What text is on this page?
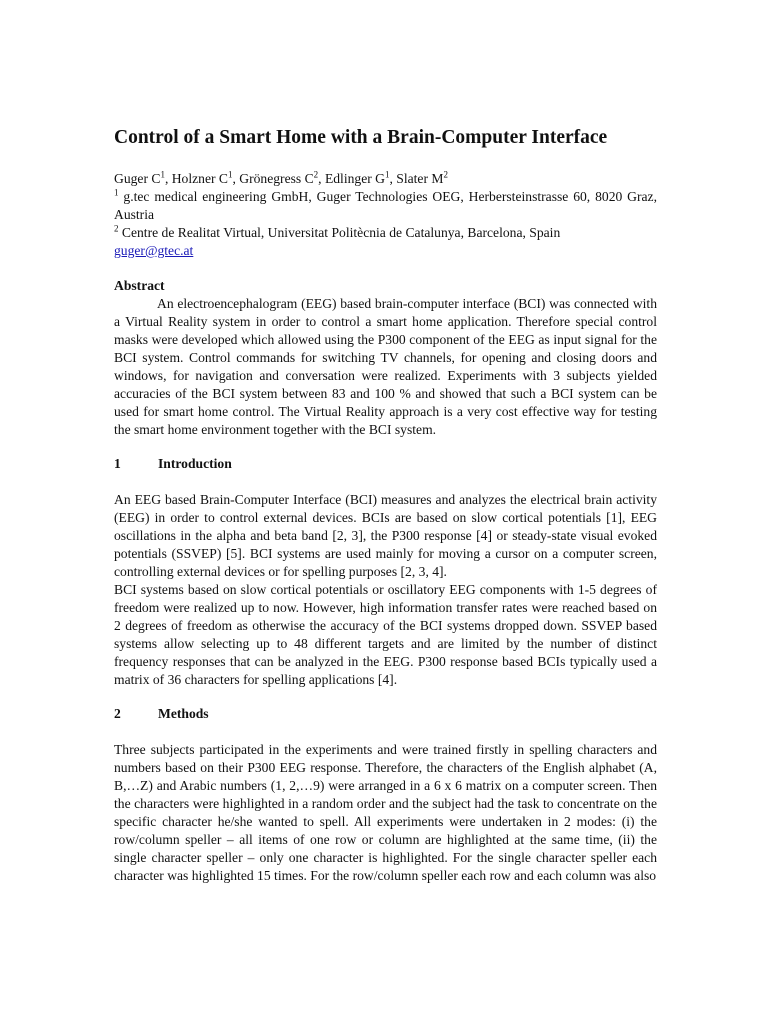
Control of a Smart Home with a Brain-Computer Interface
Guger $C^1$, Holzner $C^1$, Grönegress $C^2$, Edlinger $G^1$, Slater $M^2$
$^1$ g.tec medical engineering GmbH, Guger Technologies OEG, Herbersteinstrasse 60, 8020 Graz, Austria
$^2$ Centre de Realitat Virtual, Universitat Politècnia de Catalunya, Barcelona, Spain
guger@gtec.at
Abstract

An electroencephalogram (EEG) based brain-computer interface (BCI) was connected with a Virtual Reality system in order to control a smart home application. Therefore special control masks were developed which allowed using the P300 component of the EEG as input signal for the BCI system. Control commands for switching TV channels, for opening and closing doors and windows, for navigation and conversation were realized. Experiments with 3 subjects yielded accuracies of the BCI system between 83 and 100 % and showed that such a BCI system can be used for smart home control. The Virtual Reality approach is a very cost effective way for testing the smart home environment together with the BCI system.

1	Introduction

An EEG based Brain-Computer Interface (BCI) measures and analyzes the electrical brain activity (EEG) in order to control external devices. BCIs are based on slow cortical potentials [1], EEG oscillations in the alpha and beta band [2, 3], the P300 response [4] or steady-state visual evoked potentials (SSVEP) [5]. BCI systems are used mainly for moving a cursor on a computer screen, controlling external devices or for spelling purposes [2, 3, 4].

BCI systems based on slow cortical potentials or oscillatory EEG components with 1-5 degrees of freedom were realized up to now. However, high information transfer rates were reached based on 2 degrees of freedom as otherwise the accuracy of the BCI systems dropped down. SSVEP based systems allow selecting up to 48 different targets and are limited by the number of distinct frequency responses that can be analyzed in the EEG. P300 response based BCIs typically used a matrix of 36 characters for spelling applications [4].

2	Methods

Three subjects participated in the experiments and were trained firstly in spelling characters and numbers based on their P300 EEG response. Therefore, the characters of the English alphabet (A, B,…Z) and Arabic numbers (1, 2,…9) were arranged in a 6 x 6 matrix on a computer screen. Then the characters were highlighted in a random order and the subject had the task to concentrate on the specific character he/she wanted to spell. All experiments were undertaken in 2 modes: (i) the row/column speller – all items of one row or column are highlighted at the same time, (ii) the single character speller – only one character is highlighted. For the single character speller each character was highlighted 15 times. For the row/column speller each row and each column was also
